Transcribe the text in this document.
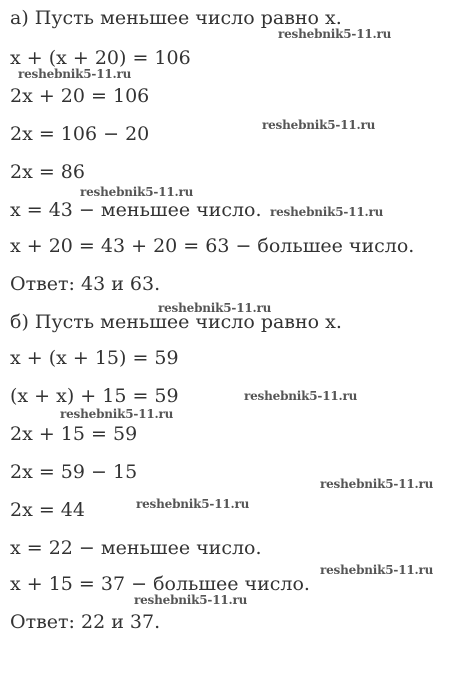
а) Пусть меньшее число равно x.
x + (x + 20) = 106
2x + 20 = 106
2x = 106 − 20
2x = 86
x = 43 − меньшее число.
x + 20 = 43 + 20 = 63 − большее число.
Ответ: 43 и 63.
б) Пусть меньшее число равно x.
x + (x + 15) = 59
(x + x) + 15 = 59
2x + 15 = 59
2x = 59 − 15
2x = 44
x = 22 − меньшее число.
x + 15 = 37 − большее число.
Ответ: 22 и 37.
reshebnik5-11.ru
reshebnik5-11.ru
reshebnik5-11.ru
reshebnik5-11.ru
reshebnik5-11.ru
reshebnik5-11.ru
reshebnik5-11.ru
reshebnik5-11.ru
reshebnik5-11.ru
reshebnik5-11.ru
reshebnik5-11.ru
reshebnik5-11.ru
